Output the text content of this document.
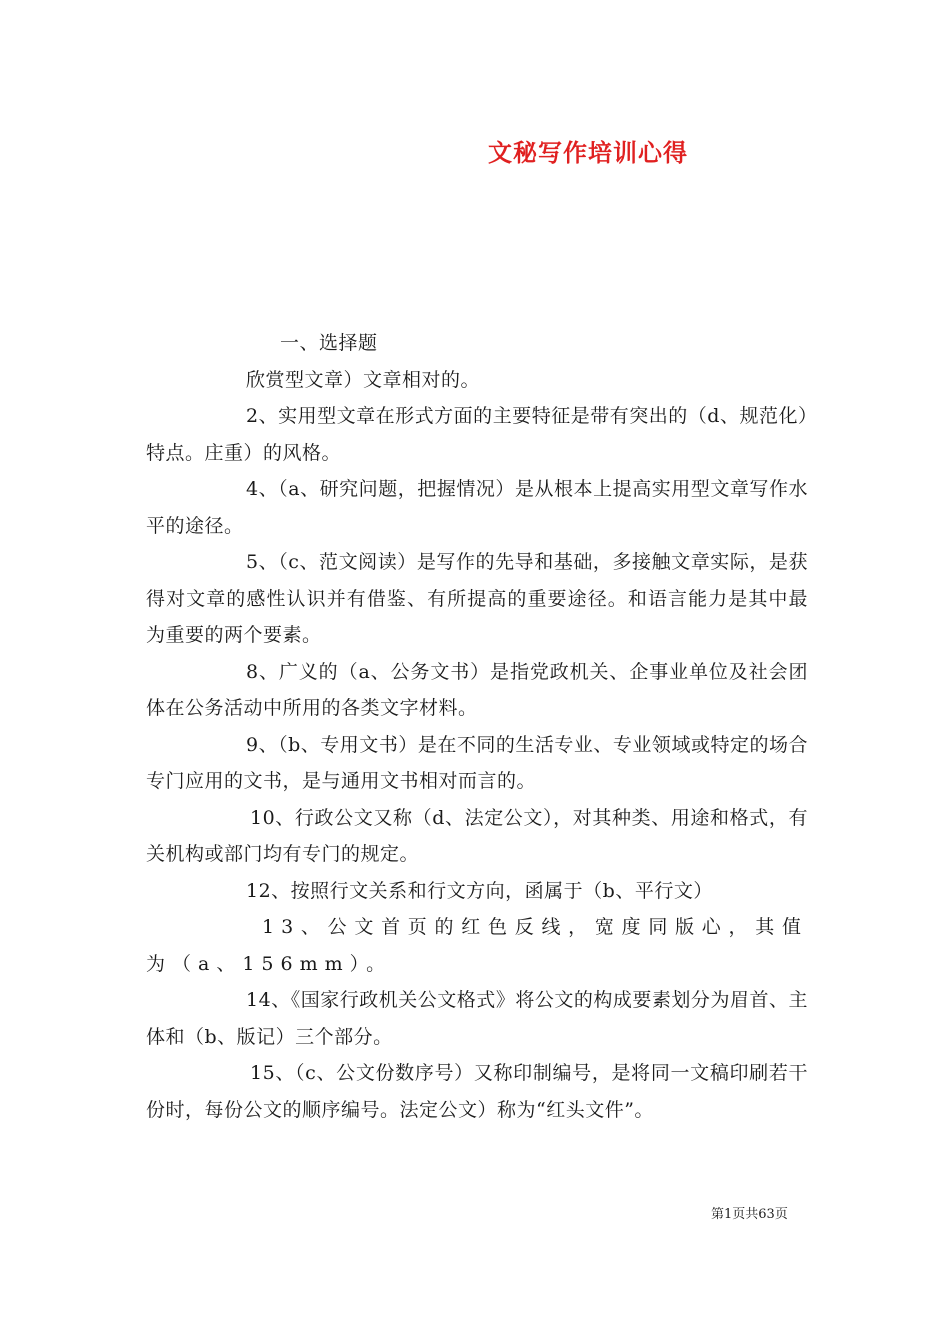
文秘写作培训心得

一、选择题

欣赏型文章）文章相对的。

2、实用型文章在形式方面的主要特征是带有突出的（d、规范化）特点。庄重）的风格。

4、（a、研究问题，把握情况）是从根本上提高实用型文章写作水平的途径。

5、（c、范文阅读）是写作的先导和基础，多接触文章实际，是获得对文章的感性认识并有借鉴、有所提高的重要途径。和语言能力是其中最为重要的两个要素。

8、广义的（a、公务文书）是指党政机关、企事业单位及社会团体在公务活动中所用的各类文字材料。

9、（b、专用文书）是在不同的生活专业、专业领域或特定的场合专门应用的文书，是与通用文书相对而言的。

10、行政公文又称（d、法定公文），对其种类、用途和格式，有关机构或部门均有专门的规定。

12、按照行文关系和行文方向，函属于（b、平行文）

13、公文首页的红色反线，宽度同版心，其值为（a、156mm）。

14、《国家行政机关公文格式》将公文的构成要素划分为眉首、主体和（b、版记）三个部分。

15、（c、公文份数序号）又称印制编号，是将同一文稿印刷若干份时，每份公文的顺序编号。法定公文）称为“红头文件”。

第1页共63页
